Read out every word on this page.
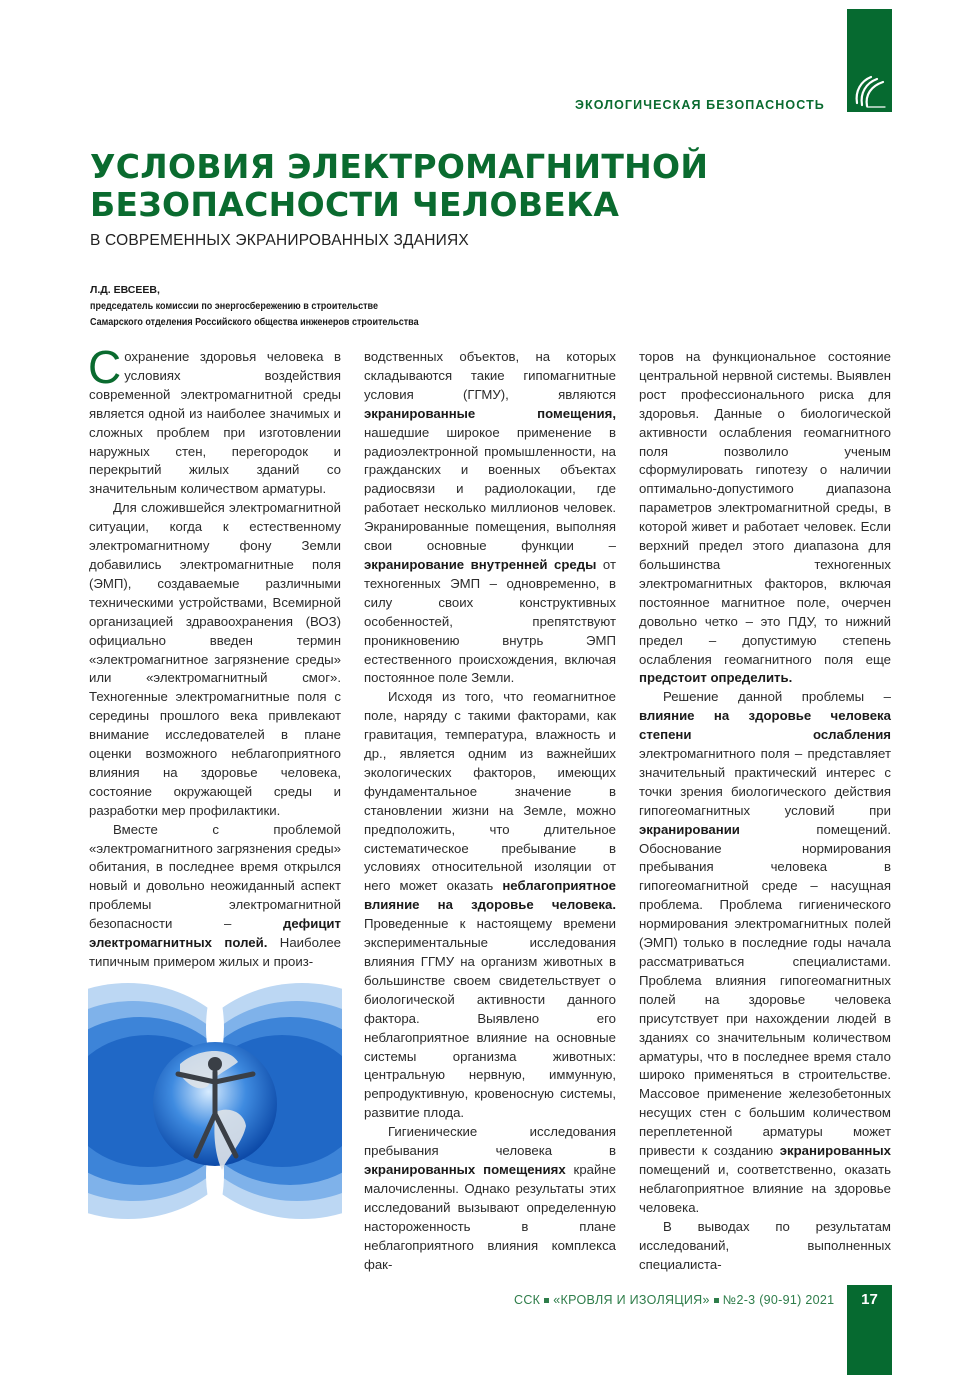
ЭКОЛОГИЧЕСКАЯ БЕЗОПАСНОСТЬ
УСЛОВИЯ ЭЛЕКТРОМАГНИТНОЙ
БЕЗОПАСНОСТИ ЧЕЛОВЕКА
В СОВРЕМЕННЫХ ЭКРАНИРОВАННЫХ ЗДАНИЯХ
Л.Д. ЕВСЕЕВ,
председатель комиссии по энергосбережению в строительстве
Самарского отделения Российского общества инженеров строительства

Сохранение здоровья человека в условиях воздействия современной электромагнитной среды является одной из наиболее значимых и сложных проблем при изготовлении наружных стен, перегородок и перекрытий жилых зданий со значительным количеством арматуры.

Для сложившейся электромагнитной ситуации, когда к естественному электромагнитному фону Земли добавились электромагнитные поля (ЭМП), создаваемые различными техническими устройствами, Всемирной организацией здравоохранения (ВОЗ) официально введен термин «электромагнитное загрязнение среды» или «электромагнитный смог». Техногенные электромагнитные поля с середины прошлого века привлекают внимание исследователей в плане оценки возможного неблагоприятного влияния на здоровье человека, состояние окружающей среды и разработки мер профилактики.

Вместе с проблемой «электромагнитного загрязнения среды» обитания, в последнее время открылся новый и довольно неожиданный аспект проблемы электромагнитной безопасности – дефицит электромагнитных полей. Наиболее типичным примером жилых и произ-

водственных объектов, на которых складываются такие гипомагнитные условия (ГГМУ), являются экранированные помещения, нашедшие широкое применение в радиоэлектронной промышленности, на гражданских и военных объектах радиосвязи и радиолокации, где работает несколько миллионов человек. Экранированные помещения, выполняя свои основные функции – экранирование внутренней среды от техногенных ЭМП – одновременно, в силу своих конструктивных особенностей, препятствуют проникновению внутрь ЭМП естественного происхождения, включая постоянное поле Земли.

Исходя из того, что геомагнитное поле, наряду с такими факторами, как гравитация, температура, влажность и др., является одним из важнейших экологических факторов, имеющих фундаментальное значение в становлении жизни на Земле, можно предположить, что длительное систематическое пребывание в условиях относительной изоляции от него может оказать неблагоприятное влияние на здоровье человека. Проведенные к настоящему времени экспериментальные исследования влияния ГГМУ на организм животных в большинстве своем свидетельствует о биологической активности данного фактора. Выявлено его неблагоприятное влияние на основные системы организма животных: центральную нервную, иммунную, репродуктивную, кровеносную системы, развитие плода.

Гигиенические исследования пребывания человека в экранированных помещениях крайне малочисленны. Однако результаты этих исследований вызывают определенную настороженность в плане неблагоприятного влияния комплекса фак-

торов на функциональное состояние центральной нервной системы. Выявлен рост профессионального риска для здоровья. Данные о биологической активности ослабления геомагнитного поля позволило ученым сформулировать гипотезу о наличии оптимально-допустимого диапазона параметров электромагнитной среды, в которой живет и работает человек. Если верхний предел этого диапазона для большинства техногенных электромагнитных факторов, включая постоянное магнитное поле, очерчен довольно четко – это ПДУ, то нижний предел – допустимую степень ослабления геомагнитного поля еще предстоит определить.

Решение данной проблемы – влияние на здоровье человека степени ослабления электромагнитного поля – представляет значительный практический интерес с точки зрения биологического действия гипогеомагнитных условий при экранировании помещений. Обоснование нормирования пребывания человека в гипогеомагнитной среде – насущная проблема. Проблема гигиенического нормирования электромагнитных полей (ЭМП) только в последние годы начала рассматриваться специалистами. Проблема влияния гипогеомагнитных полей на здоровье человека присутствует при нахождении людей в зданиях со значительным количеством арматуры, что в последнее время стало широко применяться в строительстве. Массовое применение железобетонных несущих стен с большим количеством переплетенной арматуры может привести к созданию экранированных помещений и, соответственно, оказать неблагоприятное влияние на здоровье человека.

В выводах по результатам исследований, выполненных специалиста-

ССК «КРОВЛЯ И ИЗОЛЯЦИЯ» №2-3 (90-91) 2021	17
